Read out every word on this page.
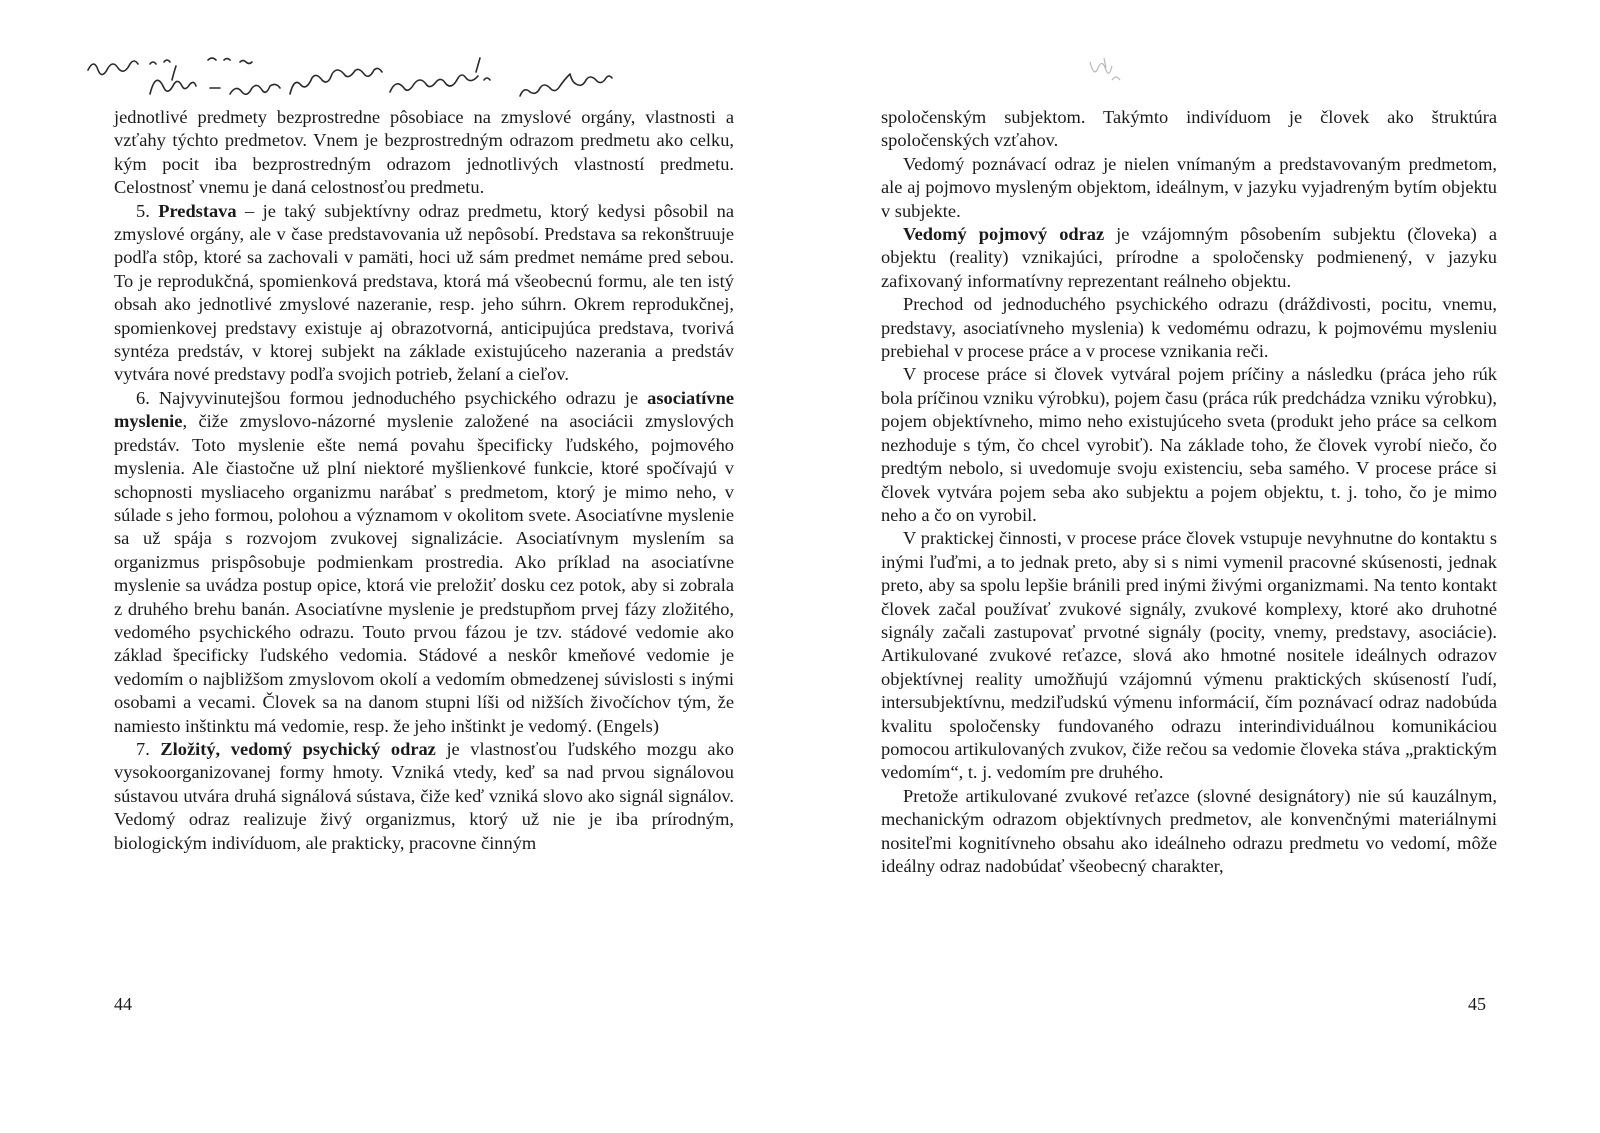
jednotlivé predmety bezprostredne pôsobiace na zmyslové orgány, vlastnosti a vzťahy týchto predmetov. Vnem je bezprostredným odrazom predmetu ako celku, kým pocit iba bezprostredným odrazom jednotlivých vlastností predmetu. Celostnosť vnemu je daná celostnosťou predmetu.

5. Predstava – je taký subjektívny odraz predmetu, ktorý kedysi pôsobil na zmyslové orgány, ale v čase predstavovania už nepôsobí. Predstava sa rekonštruuje podľa stôp, ktoré sa zachovali v pamäti, hoci už sám predmet nemáme pred sebou. To je reprodukčná, spomienková predstava, ktorá má všeobecnú formu, ale ten istý obsah ako jednotlivé zmyslové nazeranie, resp. jeho súhrn. Okrem reprodukčnej, spomienkovej predstavy existuje aj obrazotvorná, anticipujúca predstava, tvorivá syntéza predstáv, v ktorej subjekt na základe existujúceho nazerania a predstáv vytvára nové predstavy podľa svojich potrieb, želaní a cieľov.

6. Najvyvinutejšou formou jednoduchého psychického odrazu je asociatívne myslenie, čiže zmyslovo-názorné myslenie založené na asociácii zmyslových predstáv. Toto myslenie ešte nemá povahu špecificky ľudského, pojmového myslenia. Ale čiastočne už plní niektoré myšlienkové funkcie, ktoré spočívajú v schopnosti mysliaceho organizmu narábať s predmetom, ktorý je mimo neho, v súlade s jeho formou, polohou a významom v okolitom svete. Asociatívne myslenie sa už spája s rozvojom zvukovej signalizácie. Asociatívnym myslením sa organizmus prispôsobuje podmienkam prostredia. Ako príklad na asociatívne myslenie sa uvádza postup opice, ktorá vie preložiť dosku cez potok, aby si zobrala z druhého brehu banán. Asociatívne myslenie je predstupňom prvej fázy zložitého, vedomého psychického odrazu. Touto prvou fázou je tzv. stádové vedomie ako základ špecificky ľudského vedomia. Stádové a neskôr kmeňové vedomie je vedomím o najbližšom zmyslovom okolí a vedomím obmedzenej súvislosti s inými osobami a vecami. Človek sa na danom stupni líši od nižších živočíchov tým, že namiesto inštinktu má vedomie, resp. že jeho inštinkt je vedomý. (Engels)

7. Zložitý, vedomý psychický odraz je vlastnosťou ľudského mozgu ako vysokoorganizovanej formy hmoty. Vzniká vtedy, keď sa nad prvou signálovou sústavou utvára druhá signálová sústava, čiže keď vzniká slovo ako signál signálov. Vedomý odraz realizuje živý organizmus, ktorý už nie je iba prírodným, biologickým indivíduom, ale prakticky, pracovne činným

44

spoločenským subjektom. Takýmto indivíduom je človek ako štruktúra spoločenských vzťahov.

Vedomý poznávací odraz je nielen vnímaným a predstavovaným predmetom, ale aj pojmovo mysleným objektom, ideálnym, v jazyku vyjadreným bytím objektu v subjekte.

Vedomý pojmový odraz je vzájomným pôsobením subjektu (človeka) a objektu (reality) vznikajúci, prírodne a spoločensky podmienený, v jazyku zafixovaný informatívny reprezentant reálneho objektu.

Prechod od jednoduchého psychického odrazu (dráždivosti, pocitu, vnemu, predstavy, asociatívneho myslenia) k vedomému odrazu, k pojmovému mysleniu prebiehal v procese práce a v procese vznikania reči.

V procese práce si človek vytváral pojem príčiny a následku (práca jeho rúk bola príčinou vzniku výrobku), pojem času (práca rúk predchádza vzniku výrobku), pojem objektívneho, mimo neho existujúceho sveta (produkt jeho práce sa celkom nezhoduje s tým, čo chcel vyrobiť). Na základe toho, že človek vyrobí niečo, čo predtým nebolo, si uvedomuje svoju existenciu, seba samého. V procese práce si človek vytvára pojem seba ako subjektu a pojem objektu, t. j. toho, čo je mimo neho a čo on vyrobil.

V praktickej činnosti, v procese práce človek vstupuje nevyhnutne do kontaktu s inými ľuďmi, a to jednak preto, aby si s nimi vymenil pracovné skúsenosti, jednak preto, aby sa spolu lepšie bránili pred inými živými organizmami. Na tento kontakt človek začal používať zvukové signály, zvukové komplexy, ktoré ako druhotné signály začali zastupovať prvotné signály (pocity, vnemy, predstavy, asociácie). Artikulované zvukové reťazce, slová ako hmotné nositele ideálnych odrazov objektívnej reality umožňujú vzájomnú výmenu praktických skúseností ľudí, intersubjektívnu, medziľudskú výmenu informácií, čím poznávací odraz nadobúda kvalitu spoločensky fundovaného odrazu interindividuálnou komunikáciou pomocou artikulovaných zvukov, čiže rečou sa vedomie človeka stáva „praktickým vedomím“, t. j. vedomím pre druhého.

Pretože artikulované zvukové reťazce (slovné designátory) nie sú kauzálnym, mechanickým odrazom objektívnych predmetov, ale konvenčnými materiálnymi nositeľmi kognitívneho obsahu ako ideálneho odrazu predmetu vo vedomí, môže ideálny odraz nadobúdať všeobecný charakter,

45
